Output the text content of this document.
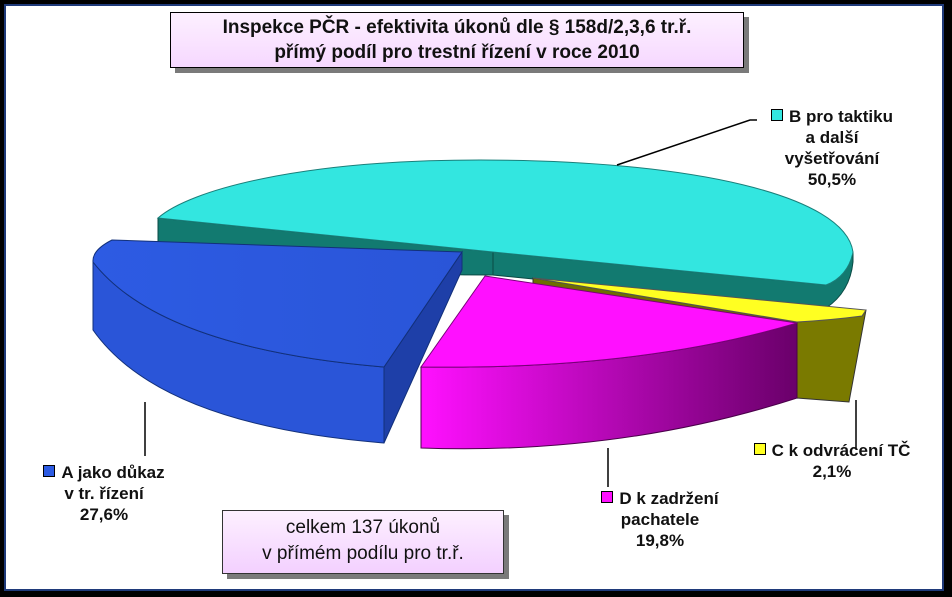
Inspekce PČR - efektivita úkonů dle § 158d/2,3,6 tr.ř.
přímý podíl pro trestní řízení v roce 2010
celkem 137 úkonů
v přímém podílu pro tr.ř.
B pro taktiku
a další
vyšetřování
50,5%
C k odvrácení TČ
2,1%
D k zadržení
pachatele
19,8%
A jako důkaz
v tr. řízení
27,6%
